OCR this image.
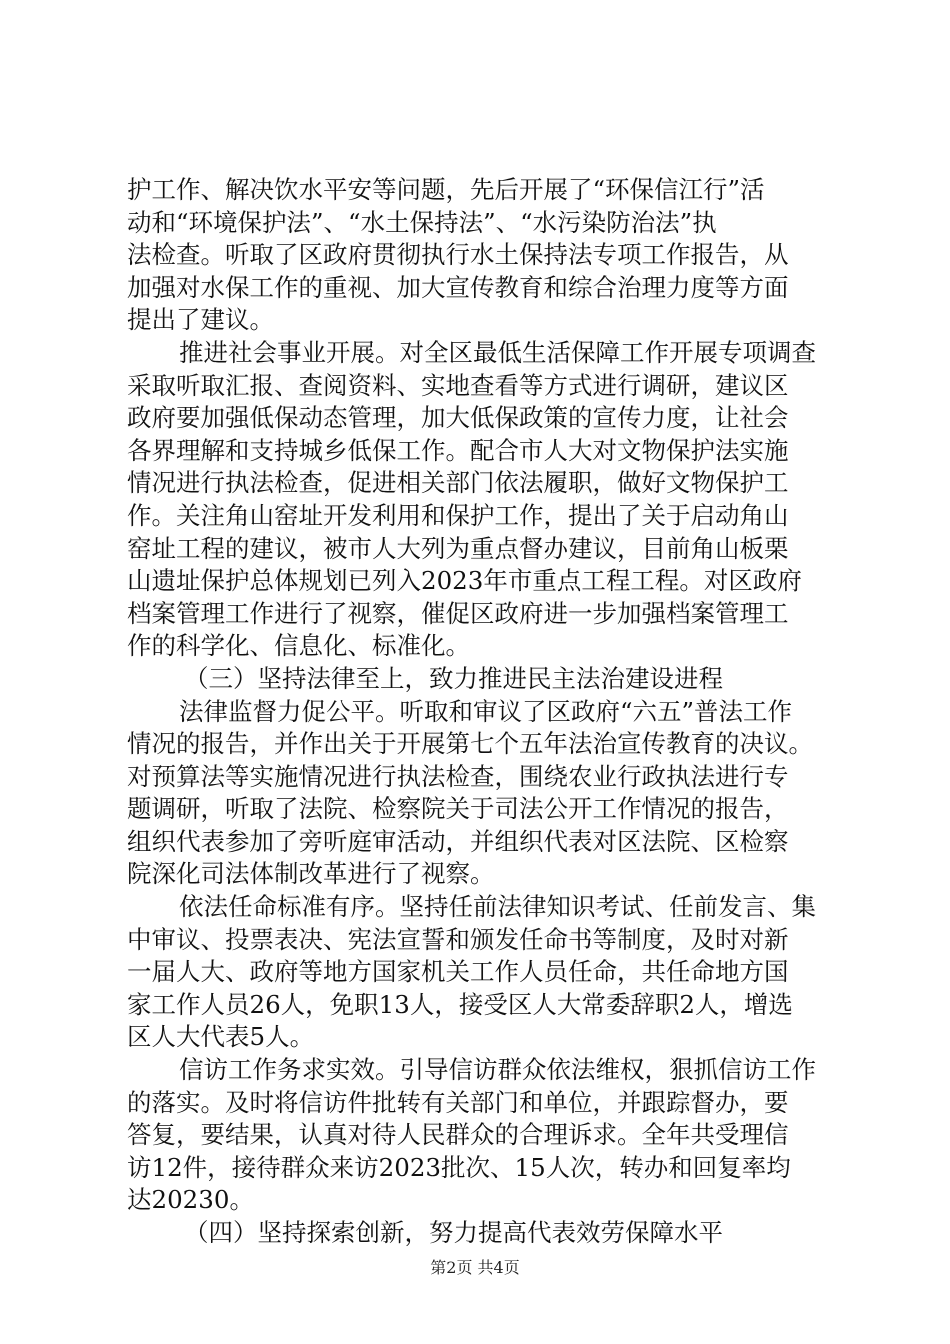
护工作、解决饮水平安等问题，先后开展了“环保信江行”活
动和“环境保护法”、“水土保持法”、“水污染防治法”执
法检查。听取了区政府贯彻执行水土保持法专项工作报告，从
加强对水保工作的重视、加大宣传教育和综合治理力度等方面
提出了建议。
推进社会事业开展。对全区最低生活保障工作开展专项调查
采取听取汇报、查阅资料、实地查看等方式进行调研，建议区
政府要加强低保动态管理，加大低保政策的宣传力度，让社会
各界理解和支持城乡低保工作。配合市人大对文物保护法实施
情况进行执法检查，促进相关部门依法履职，做好文物保护工
作。关注角山窑址开发利用和保护工作，提出了关于启动角山
窑址工程的建议，被市人大列为重点督办建议，目前角山板栗
山遗址保护总体规划已列入2023年市重点工程工程。对区政府
档案管理工作进行了视察，催促区政府进一步加强档案管理工
作的科学化、信息化、标准化。
（三）坚持法律至上，致力推进民主法治建设进程
法律监督力促公平。听取和审议了区政府“六五”普法工作
情况的报告，并作出关于开展第七个五年法治宣传教育的决议。
对预算法等实施情况进行执法检查，围绕农业行政执法进行专
题调研，听取了法院、检察院关于司法公开工作情况的报告，
组织代表参加了旁听庭审活动，并组织代表对区法院、区检察
院深化司法体制改革进行了视察。
依法任命标准有序。坚持任前法律知识考试、任前发言、集
中审议、投票表决、宪法宣誓和颁发任命书等制度，及时对新
一届人大、政府等地方国家机关工作人员任命，共任命地方国
家工作人员26人，免职13人，接受区人大常委辞职2人，增选
区人大代表5人。
信访工作务求实效。引导信访群众依法维权，狠抓信访工作
的落实。及时将信访件批转有关部门和单位，并跟踪督办，要
答复，要结果，认真对待人民群众的合理诉求。全年共受理信
访12件，接待群众来访2023批次、15人次，转办和回复率均
达20230。
（四）坚持探索创新，努力提高代表效劳保障水平
第2页 共4页
